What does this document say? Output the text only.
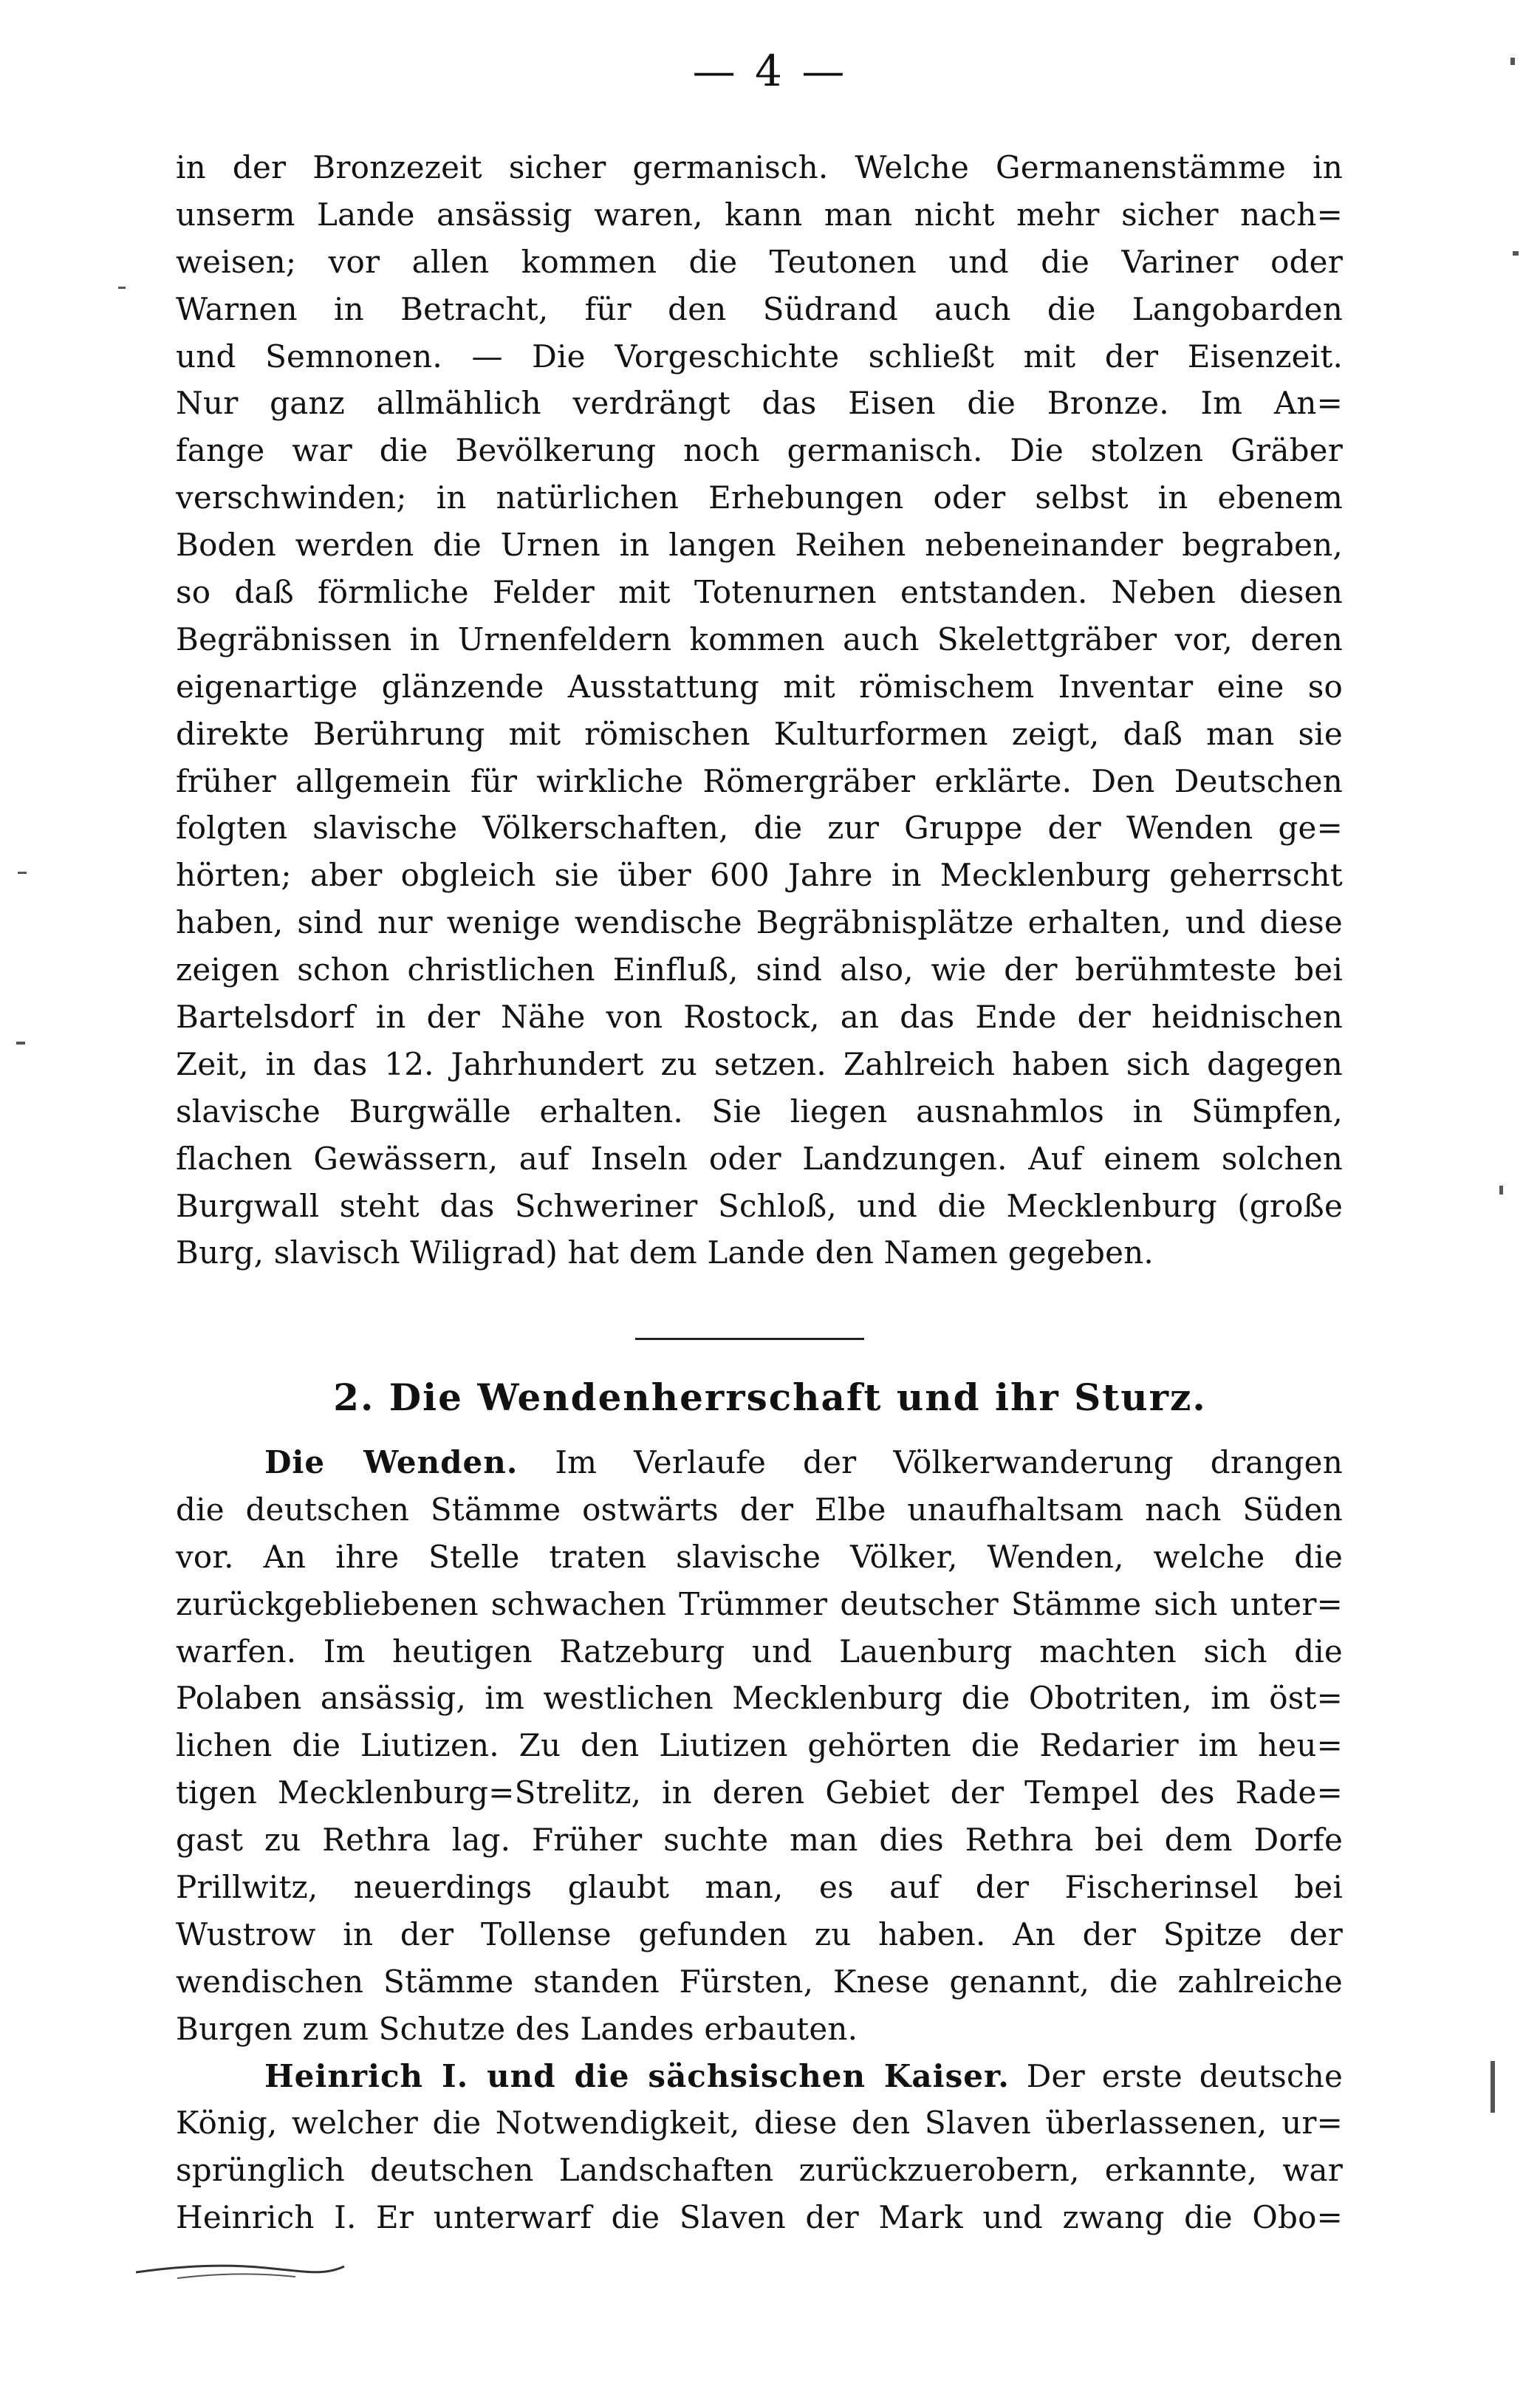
— 4 —
in der Bronzezeit sicher germanisch. Welche Germanenstämme in
unserm Lande ansässig waren, kann man nicht mehr sicher nach=
weisen; vor allen kommen die Teutonen und die Variner oder
Warnen in Betracht, für den Südrand auch die Langobarden
und Semnonen. — Die Vorgeschichte schließt mit der Eisenzeit.
Nur ganz allmählich verdrängt das Eisen die Bronze. Im An=
fange war die Bevölkerung noch germanisch. Die stolzen Gräber
verschwinden; in natürlichen Erhebungen oder selbst in ebenem
Boden werden die Urnen in langen Reihen nebeneinander begraben,
so daß förmliche Felder mit Totenurnen entstanden. Neben diesen
Begräbnissen in Urnenfeldern kommen auch Skelettgräber vor, deren
eigenartige glänzende Ausstattung mit römischem Inventar eine so
direkte Berührung mit römischen Kulturformen zeigt, daß man sie
früher allgemein für wirkliche Römergräber erklärte. Den Deutschen
folgten slavische Völkerschaften, die zur Gruppe der Wenden ge=
hörten; aber obgleich sie über 600 Jahre in Mecklenburg geherrscht
haben, sind nur wenige wendische Begräbnisplätze erhalten, und diese
zeigen schon christlichen Einfluß, sind also, wie der berühmteste bei
Bartelsdorf in der Nähe von Rostock, an das Ende der heidnischen
Zeit, in das 12. Jahrhundert zu setzen. Zahlreich haben sich dagegen
slavische Burgwälle erhalten. Sie liegen ausnahmlos in Sümpfen,
flachen Gewässern, auf Inseln oder Landzungen. Auf einem solchen
Burgwall steht das Schweriner Schloß, und die Mecklenburg (große
Burg, slavisch Wiligrad) hat dem Lande den Namen gegeben.
2. Die Wendenherrschaft und ihr Sturz.
Die Wenden. Im Verlaufe der Völkerwanderung drangen
die deutschen Stämme ostwärts der Elbe unaufhaltsam nach Süden
vor. An ihre Stelle traten slavische Völker, Wenden, welche die
zurückgebliebenen schwachen Trümmer deutscher Stämme sich unter=
warfen. Im heutigen Ratzeburg und Lauenburg machten sich die
Polaben ansässig, im westlichen Mecklenburg die Obotriten, im öst=
lichen die Liutizen. Zu den Liutizen gehörten die Redarier im heu=
tigen Mecklenburg=Strelitz, in deren Gebiet der Tempel des Rade=
gast zu Rethra lag. Früher suchte man dies Rethra bei dem Dorfe
Prillwitz, neuerdings glaubt man, es auf der Fischerinsel bei
Wustrow in der Tollense gefunden zu haben. An der Spitze der
wendischen Stämme standen Fürsten, Knese genannt, die zahlreiche
Burgen zum Schutze des Landes erbauten.
Heinrich I. und die sächsischen Kaiser. Der erste deutsche
König, welcher die Notwendigkeit, diese den Slaven überlassenen, ur=
sprünglich deutschen Landschaften zurückzuerobern, erkannte, war
Heinrich I. Er unterwarf die Slaven der Mark und zwang die Obo=
